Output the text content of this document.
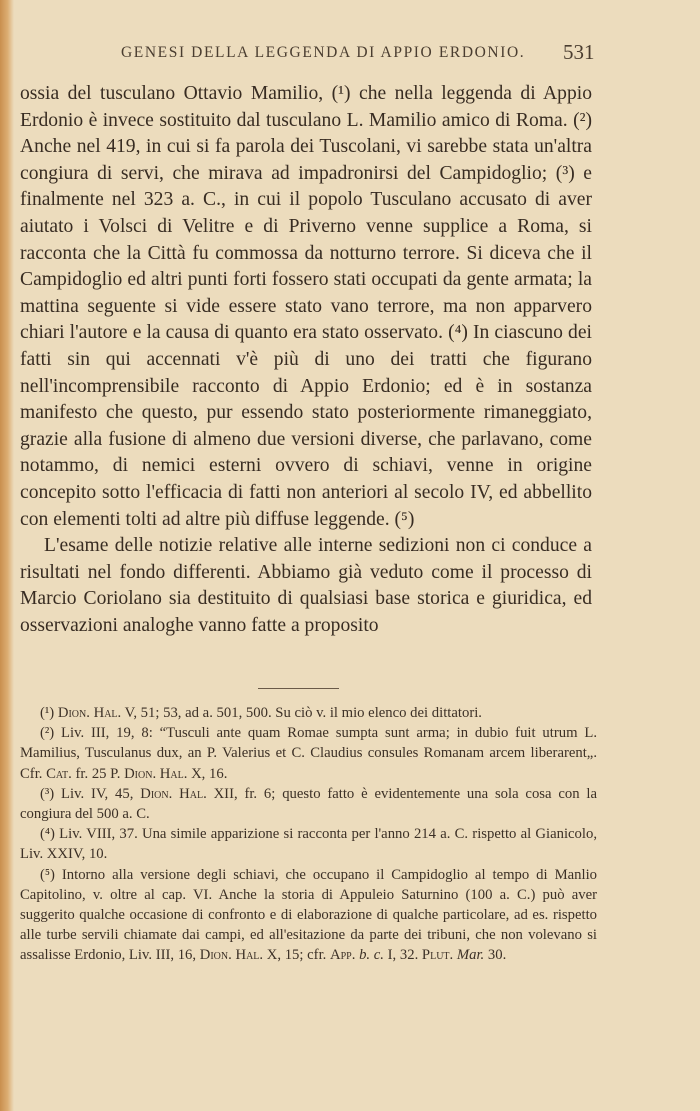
GENESI DELLA LEGGENDA DI APPIO ERDONIO. 531

ossia del tusculano Ottavio Mamilio, (¹) che nella leggenda di Appio Erdonio è invece sostituito dal tusculano L. Mamilio amico di Roma. (²) Anche nel 419, in cui si fa parola dei Tuscolani, vi sarebbe stata un'altra congiura di servi, che mirava ad impadronirsi del Campidoglio; (³) e finalmente nel 323 a. C., in cui il popolo Tusculano accusato di aver aiutato i Volsci di Velitre e di Priverno venne supplice a Roma, si racconta che la Città fu commossa da notturno terrore. Si diceva che il Campidoglio ed altri punti forti fossero stati occupati da gente armata; la mattina seguente si vide essere stato vano terrore, ma non apparvero chiari l'autore e la causa di quanto era stato osservato. (⁴) In ciascuno dei fatti sin qui accennati v'è più di uno dei tratti che figurano nell'incomprensibile racconto di Appio Erdonio; ed è in sostanza manifesto che questo, pur essendo stato posteriormente rimaneggiato, grazie alla fusione di almeno due versioni diverse, che parlavano, come notammo, di nemici esterni ovvero di schiavi, venne in origine concepito sotto l'efficacia di fatti non anteriori al secolo IV, ed abbellito con elementi tolti ad altre più diffuse leggende. (⁵)

L'esame delle notizie relative alle interne sedizioni non ci conduce a risultati nel fondo differenti. Abbiamo già veduto come il processo di Marcio Coriolano sia destituito di qualsiasi base storica e giuridica, ed osservazioni analoghe vanno fatte a proposito

(¹) Dion. Hal. V, 51; 53, ad a. 501, 500. Su ciò v. il mio elenco dei dittatori.

(²) Liv. III, 19, 8: “Tusculi ante quam Romae sumpta sunt arma; in dubio fuit utrum L. Mamilius, Tusculanus dux, an P. Valerius et C. Claudius consules Romanam arcem liberarent„. Cfr. Cat. fr. 25 P. Dion. Hal. X, 16.

(³) Liv. IV, 45, Dion. Hal. XII, fr. 6; questo fatto è evidentemente una sola cosa con la congiura del 500 a. C.

(⁴) Liv. VIII, 37. Una simile apparizione si racconta per l'anno 214 a. C. rispetto al Gianicolo, Liv. XXIV, 10.

(⁵) Intorno alla versione degli schiavi, che occupano il Campidoglio al tempo di Manlio Capitolino, v. oltre al cap. VI. Anche la storia di Appuleio Saturnino (100 a. C.) può aver suggerito qualche occasione di confronto e di elaborazione di qualche particolare, ad es. rispetto alle turbe servili chiamate dai campi, ed all'esitazione da parte dei tribuni, che non volevano si assalisse Erdonio, Liv. III, 16, Dion. Hal. X, 15; cfr. App. b. c. I, 32. Plut. Mar. 30.
